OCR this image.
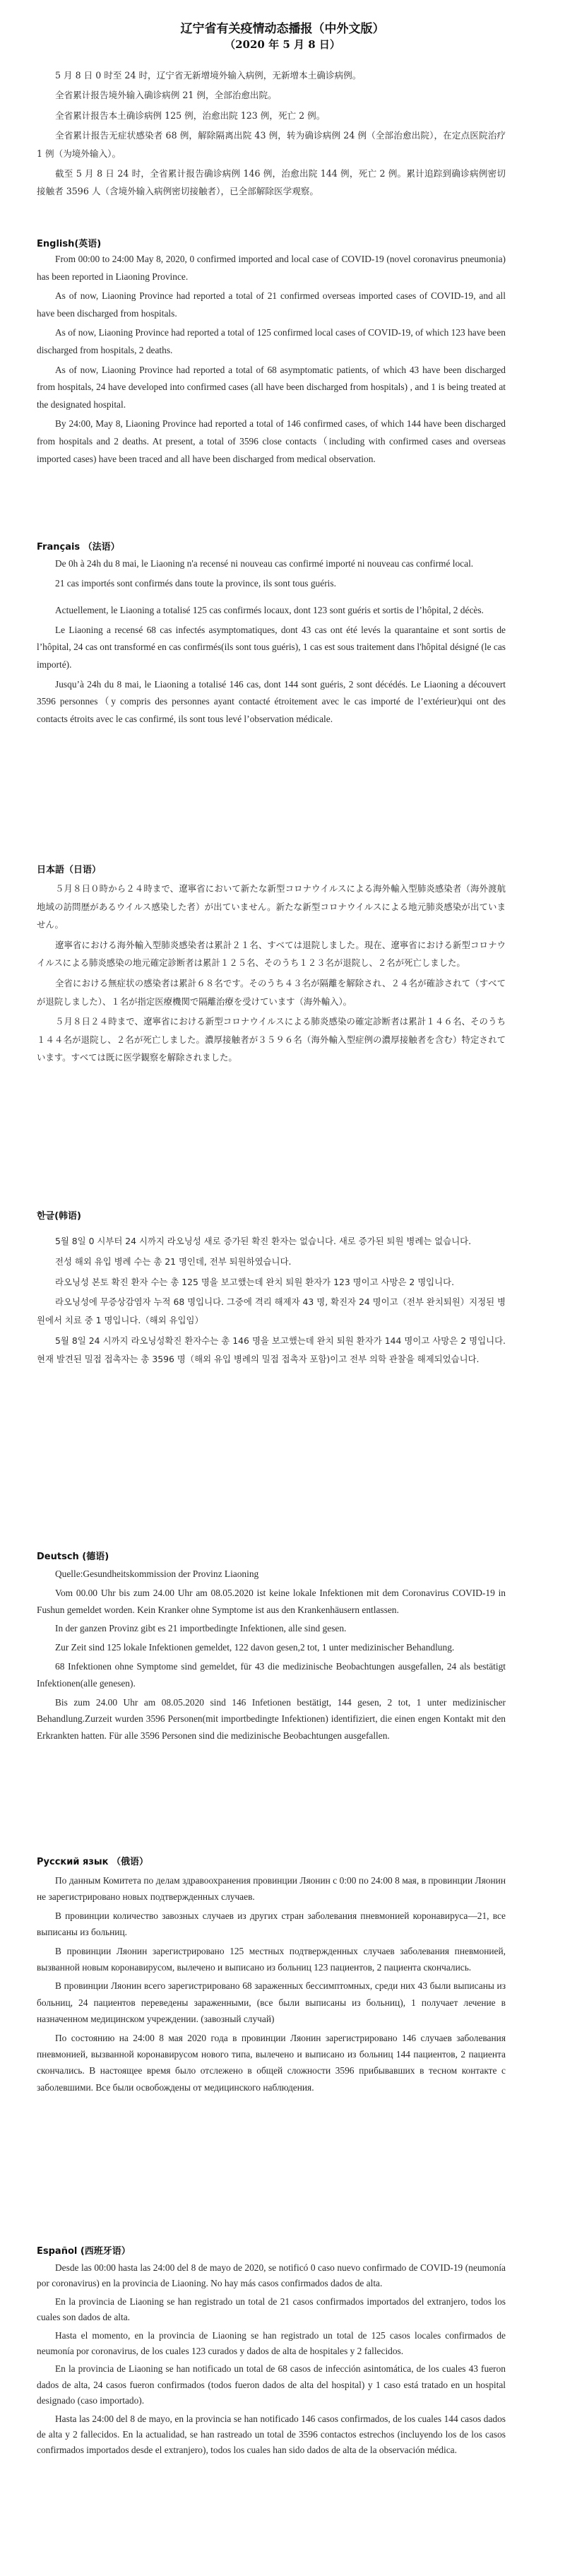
辽宁省有关疫情动态播报（中外文版）
（2020 年 5 月 8 日）

5 月 8 日 0 时至 24 时，辽宁省无新增境外输入病例，无新增本土确诊病例。

全省累计报告境外输入确诊病例 21 例，全部治愈出院。

全省累计报告本土确诊病例 125 例，治愈出院 123 例，死亡 2 例。

全省累计报告无症状感染者 68 例，解除隔离出院 43 例，转为确诊病例 24 例（全部治愈出院），在定点医院治疗 1 例（为境外输入）。

截至 5 月 8 日 24 时，全省累计报告确诊病例 146 例，治愈出院 144 例，死亡 2 例。累计追踪到确诊病例密切接触者 3596 人（含境外输入病例密切接触者），已全部解除医学观察。

English(英语)

From 00:00 to 24:00 May 8, 2020, 0 confirmed imported and local case of COVID-19 (novel coronavirus pneumonia) has been reported in Liaoning Province.

As of now, Liaoning Province had reported a total of 21 confirmed overseas imported cases of COVID-19, and all have been discharged from hospitals.

As of now, Liaoning Province had reported a total of 125 confirmed local cases of COVID-19, of which 123 have been discharged from hospitals, 2 deaths.

As of now, Liaoning Province had reported a total of 68 asymptomatic patients, of which 43 have been discharged from hospitals, 24 have developed into confirmed cases (all have been discharged from hospitals) , and 1 is being treated at the designated hospital.

By 24:00, May 8, Liaoning Province had reported a total of 146 confirmed cases, of which 144 have been discharged from hospitals and 2 deaths. At present, a total of 3596 close contacts（including with confirmed cases and overseas imported cases) have been traced and all have been discharged from medical observation.

Français （法语）

De 0h à 24h du 8 mai, le Liaoning n'a recensé ni nouveau cas confirmé importé ni nouveau cas confirmé local.

21 cas importés sont confirmés dans toute la province, ils sont tous guéris.

Actuellement, le Liaoning a totalisé 125 cas confirmés locaux, dont 123 sont guéris et sortis de l’hôpital, 2 décès.

Le Liaoning a recensé 68 cas infectés asymptomatiques, dont 43 cas ont été levés la quarantaine et sont sortis de l’hôpital, 24 cas ont transformé en cas confirmés(ils sont tous guéris), 1 cas est sous traitement dans l'hôpital désigné (le cas importé).

Jusqu’à 24h du 8 mai, le Liaoning a totalisé 146 cas, dont 144 sont guéris, 2 sont décédés. Le Liaoning a découvert 3596 personnes（y compris des personnes ayant contacté étroitement avec le cas importé de l’extérieur)qui ont des contacts étroits avec le cas confirmé, ils sont tous levé l’observation médicale.

日本語（日语）

５月８日０時から２４時まで、遼寧省において新たな新型コロナウイルスによる海外輸入型肺炎感染者（海外渡航地域の訪問歴があるウイルス感染した者）が出ていません。新たな新型コロナウイルスによる地元肺炎感染が出ていません。

遼寧省における海外輸入型肺炎感染者は累計２１名、すべては退院しました。現在、遼寧省における新型コロナウイルスによる肺炎感染の地元確定診断者は累計１２５名、そのうち１２３名が退院し、２名が死亡しました。

全省における無症状の感染者は累計６８名です。そのうち４３名が隔離を解除され、２４名が確診されて（すべてが退院しました）、１名が指定医療機関で隔離治療を受けています（海外輸入）。

５月８日２４時まで、遼寧省における新型コロナウイルスによる肺炎感染の確定診断者は累計１４６名、そのうち１４４名が退院し、２名が死亡しました。濃厚接触者が３５９６名（海外輸入型症例の濃厚接触者を含む）特定されています。すべては既に医学観察を解除されました。

한글(韩语)

5월 8일 0 시부터 24 시까지 라오닝성 새로 증가된 확진 환자는 없습니다. 새로 증가된 퇴원 병례는 없습니다.

전성 해외 유입 병례 수는 총 21 명인데, 전부 퇴원하였습니다.

라오닝성 본토 확진 환자 수는 총 125 명을 보고했는데 완치 퇴원 환자가 123 명이고 사망은 2 명입니다.

라오닝성에 무증상감염자 누적 68 명입니다. 그중에 격리 해제자 43 명, 확진자 24 명이고（전부 완치퇴원）지정된 병원에서 치료 중 1 명입니다.（해외 유입임）

5월 8일 24 시까지 라오닝성확진 환자수는 총 146 명을 보고했는데 완치 퇴원 환자가 144 명이고 사망은 2 명입니다. 현재 발견된 밀접 접촉자는 총 3596 명（해외 유입 병례의 밀접 접촉자 포함)이고 전부 의학 관찰을 해제되었습니다.

Deutsch (德语)

Quelle:Gesundheitskommission der Provinz Liaoning

Vom 00.00 Uhr bis zum 24.00 Uhr am 08.05.2020 ist keine lokale Infektionen mit dem Coronavirus COVID-19 in Fushun gemeldet worden. Kein Kranker ohne Symptome ist aus den Krankenhäusern entlassen.

In der ganzen Provinz gibt es 21 importbedingte Infektionen, alle sind gesen.

Zur Zeit sind 125 lokale Infektionen gemeldet, 122 davon gesen,2 tot, 1 unter medizinischer Behandlung.

68 Infektionen ohne Symptome sind gemeldet, für 43 die medizinische Beobachtungen ausgefallen, 24 als bestätigt Infektionen(alle genesen).

Bis zum 24.00 Uhr am 08.05.2020 sind 146 Infetionen bestätigt, 144 gesen, 2 tot, 1 unter medizinischer Behandlung.Zurzeit wurden 3596 Personen(mit importbedingte Infektionen) identifiziert, die einen engen Kontakt mit den Erkrankten hatten. Für alle 3596 Personen sind die medizinische Beobachtungen ausgefallen.

Русский язык （俄语）

По данным Комитета по делам здравоохранения провинции Ляонин с 0:00 по 24:00 8 мая, в провинции Ляонин не зарегистрировано новых подтвержденных случаев.

В провинции количество завозных случаев из других стран заболевания пневмонией коронавируса—21, все выписаны из больниц.

В провинции Ляонин зарегистрировано 125 местных подтвержденных случаев заболевания пневмонией, вызванной новым коронавирусом, вылечено и выписано из больниц 123 пациентов, 2 пациента скончались.

В провинции Ляонин всего зарегистрировано 68 зараженных бессимптомных, среди них 43 были выписаны из больниц, 24 пациентов переведены зараженными, (все были выписаны из больниц), 1 получает лечение в назначенном медицинском учреждении. (завозный случай)

По состоянию на 24:00 8 мая 2020 года в провинции Ляонин зарегистрировано 146 случаев заболевания пневмонией, вызванной коронавирусом нового типа, вылечено и выписано из больниц 144 пациентов, 2 пациента скончались. В настоящее время было отслежено в общей сложности 3596 прибывавших в тесном контакте с заболевшими. Все были освобождены от медицинского наблюдения.

Español (西班牙语）

Desde las 00:00 hasta las 24:00 del 8 de mayo de 2020, se notificó 0 caso nuevo confirmado de COVID-19 (neumonía por coronavirus) en la provincia de Liaoning. No hay más casos confirmados dados de alta.

En la provincia de Liaoning se han registrado un total de 21 casos confirmados importados del extranjero, todos los cuales son dados de alta.

Hasta el momento, en la provincia de Liaoning se han registrado un total de 125 casos locales confirmados de neumonía por coronavirus, de los cuales 123 curados y dados de alta de hospitales y 2 fallecidos.

En la provincia de Liaoning se han notificado un total de 68 casos de infección asintomática, de los cuales 43 fueron dados de alta, 24 casos fueron confirmados (todos fueron dados de alta del hospital) y 1 caso está tratado en un hospital designado (caso importado).

Hasta las 24:00 del 8 de mayo, en la provincia se han notificado 146 casos confirmados, de los cuales 144 casos dados de alta y 2 fallecidos. En la actualidad, se han rastreado un total de 3596 contactos estrechos (incluyendo los de los casos confirmados importados desde el extranjero), todos los cuales han sido dados de alta de la observación médica.
